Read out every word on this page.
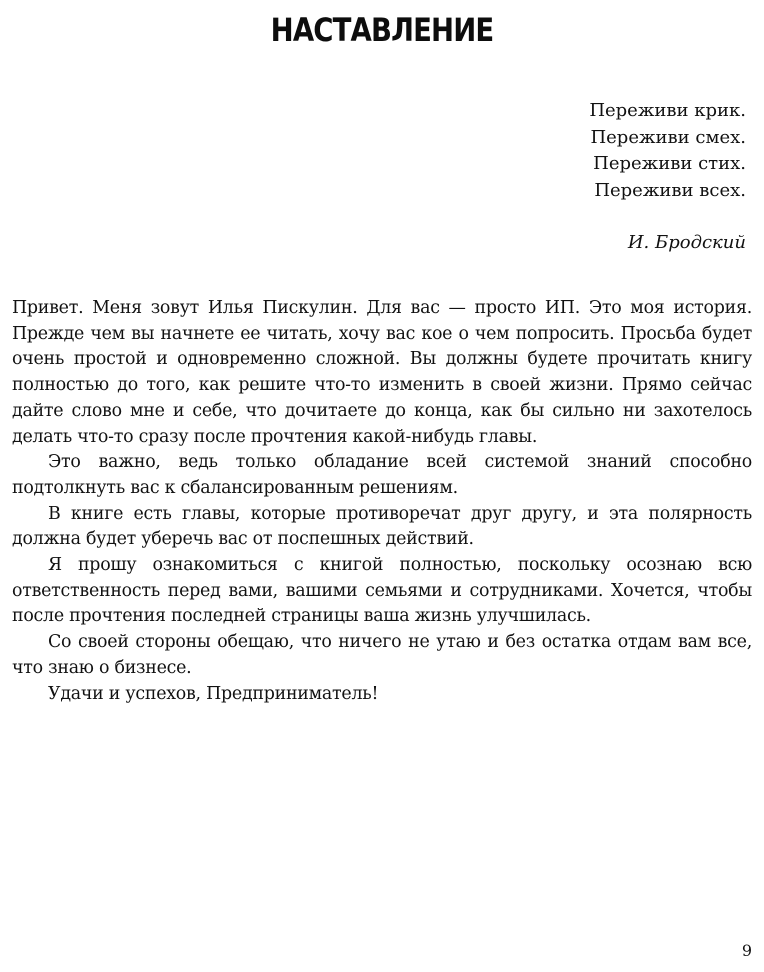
НАСТАВЛЕНИЕ
Переживи крик.
Переживи смех.
Переживи стих.
Переживи всех.
И. Бродский

Привет. Меня зовут Илья Пискулин. Для вас — просто ИП. Это моя история. Прежде чем вы начнете ее читать, хочу вас кое о чем попросить. Просьба будет очень простой и одновременно сложной. Вы должны будете прочитать книгу полностью до того, как решите что-то изменить в своей жизни. Прямо сейчас дайте слово мне и себе, что дочитаете до конца, как бы сильно ни захотелось делать что-то сразу после прочтения какой-нибудь главы.

Это важно, ведь только обладание всей системой знаний способно подтолкнуть вас к сбалансированным решениям.

В книге есть главы, которые противоречат друг другу, и эта полярность должна будет уберечь вас от поспешных действий.

Я прошу ознакомиться с книгой полностью, поскольку осознаю всю ответственность перед вами, вашими семьями и сотрудниками. Хочется, чтобы после прочтения последней страницы ваша жизнь улучшилась.

Со своей стороны обещаю, что ничего не утаю и без остатка отдам вам все, что знаю о бизнесе.

Удачи и успехов, Предприниматель!

9
